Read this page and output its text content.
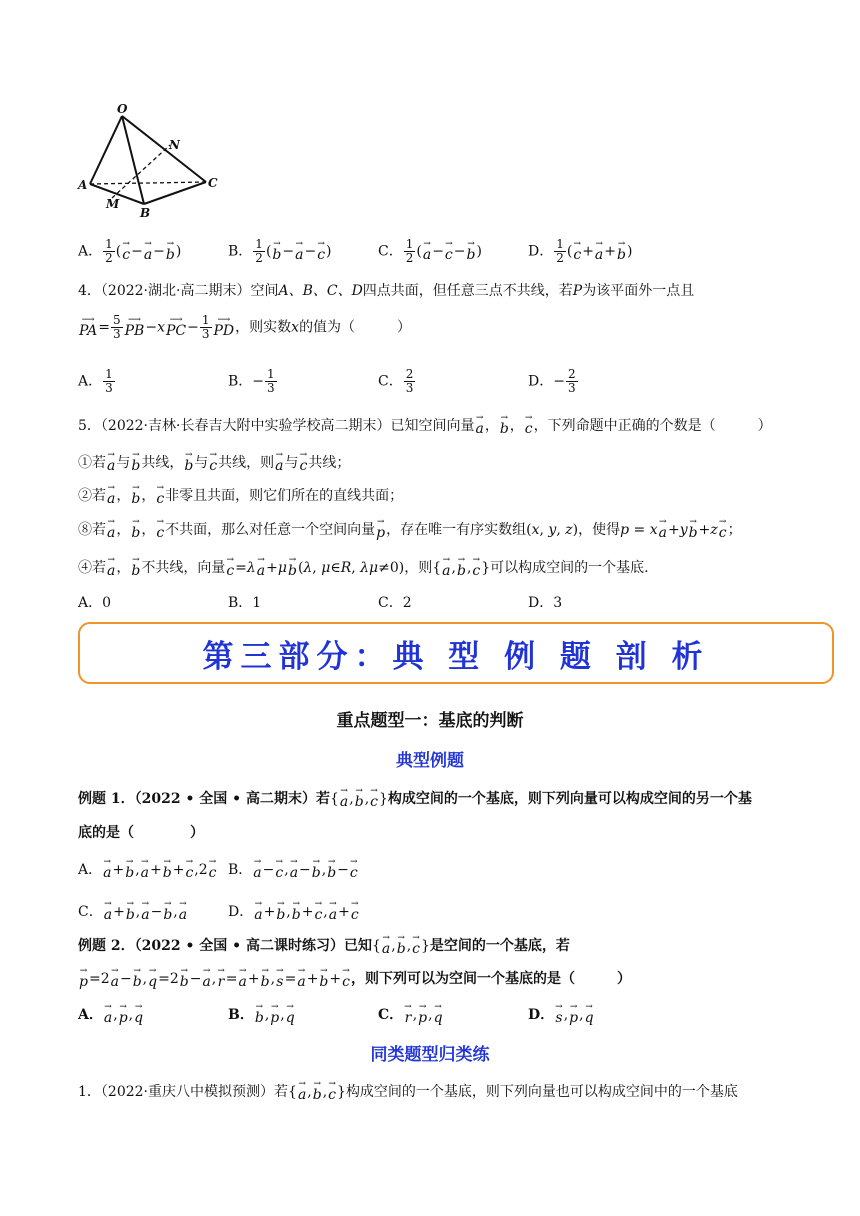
O
N
A	C
M
B
A． $\frac{1}{2}$ ( →
c − →
a − →
b )	B． $\frac{1}{2}$ ( →
b − →
a − →
c )	C． $\frac{1}{2}$ ( →
a − →
c − →
b )	D． $\frac{1}{2}$ ( →
c + →
a + →
b )
4．（2022·湖北·高二期末）空间A、B、C、D四点共面，但任意三点不共线，若P为该平面外一点且
⟶
PA = $\frac{5}{3}$ ⟶
PB −x ⟶
PC − $\frac{1}{3}$ ⟶
PD ，则实数x的值为（　　　）
A． $\frac{1}{3}$	B．− $\frac{1}{3}$	C． $\frac{2}{3}$	D．− $\frac{2}{3}$
5．（2022·吉林·长春吉大附中实验学校高二期末）已知空间向量 →
a ， →
b ， →
c ，下列命题中正确的个数是（　　　）
①若 →
a 与 →
b 共线， →
b 与 →
c 共线，则 →
a 与 →
c 共线；
②若 →
a ， →
b ， →
c 非零且共面，则它们所在的直线共面；
⑧若 →
a ， →
b ， →
c 不共面，那么对任意一个空间向量 →
p ，存在唯一有序实数组(x, y, z)，使得p = x →
a +y →
b +z →
c ；
④若 →
a ， →
b 不共线，向量 →
c =λ →
a +μ →
b (λ, μ∈R, λμ≠0)，则{ →
a , →
b , →
c }可以构成空间的一个基底.
A．0	B．1	C．2	D．3
第三部分：典 型 例 题 剖 析
重点题型一：基底的判断
典型例题
例题 1．（2022 • 全国 • 高二期末）若{ →
a , →
b , →
c }构成空间的一个基底，则下列向量可以构成空间的另一个基
底的是（　　　　）
A． →
a + →
b , →
a + →
b + →
c ,2 →
c B． →
a − →
c , →
a − →
b , →
b − →
c
C． →
a + →
b , →
a − →
b , →
a	D． →
a + →
b , →
b + →
c , →
a + →
c
例题 2．（2022 • 全国 • 高二课时练习）已知{ →
a , →
b , →
c }是空间的一个基底，若
→
p =2 →
a − →
b , →
q =2 →
b − →
a , →
r = →
a + →
b , →
s = →
a + →
b + →
c ，则下列可以为空间一个基底的是（　　　）
A． →
a , →
p , →
q	B． →
b , →
p , →
q	C． →
r , →
p , →
q	D． →
s , →
p , →
q
同类题型归类练
1．（2022·重庆八中模拟预测）若{ →
a , →
b , →
c }构成空间的一个基底，则下列向量也可以构成空间中的一个基底
